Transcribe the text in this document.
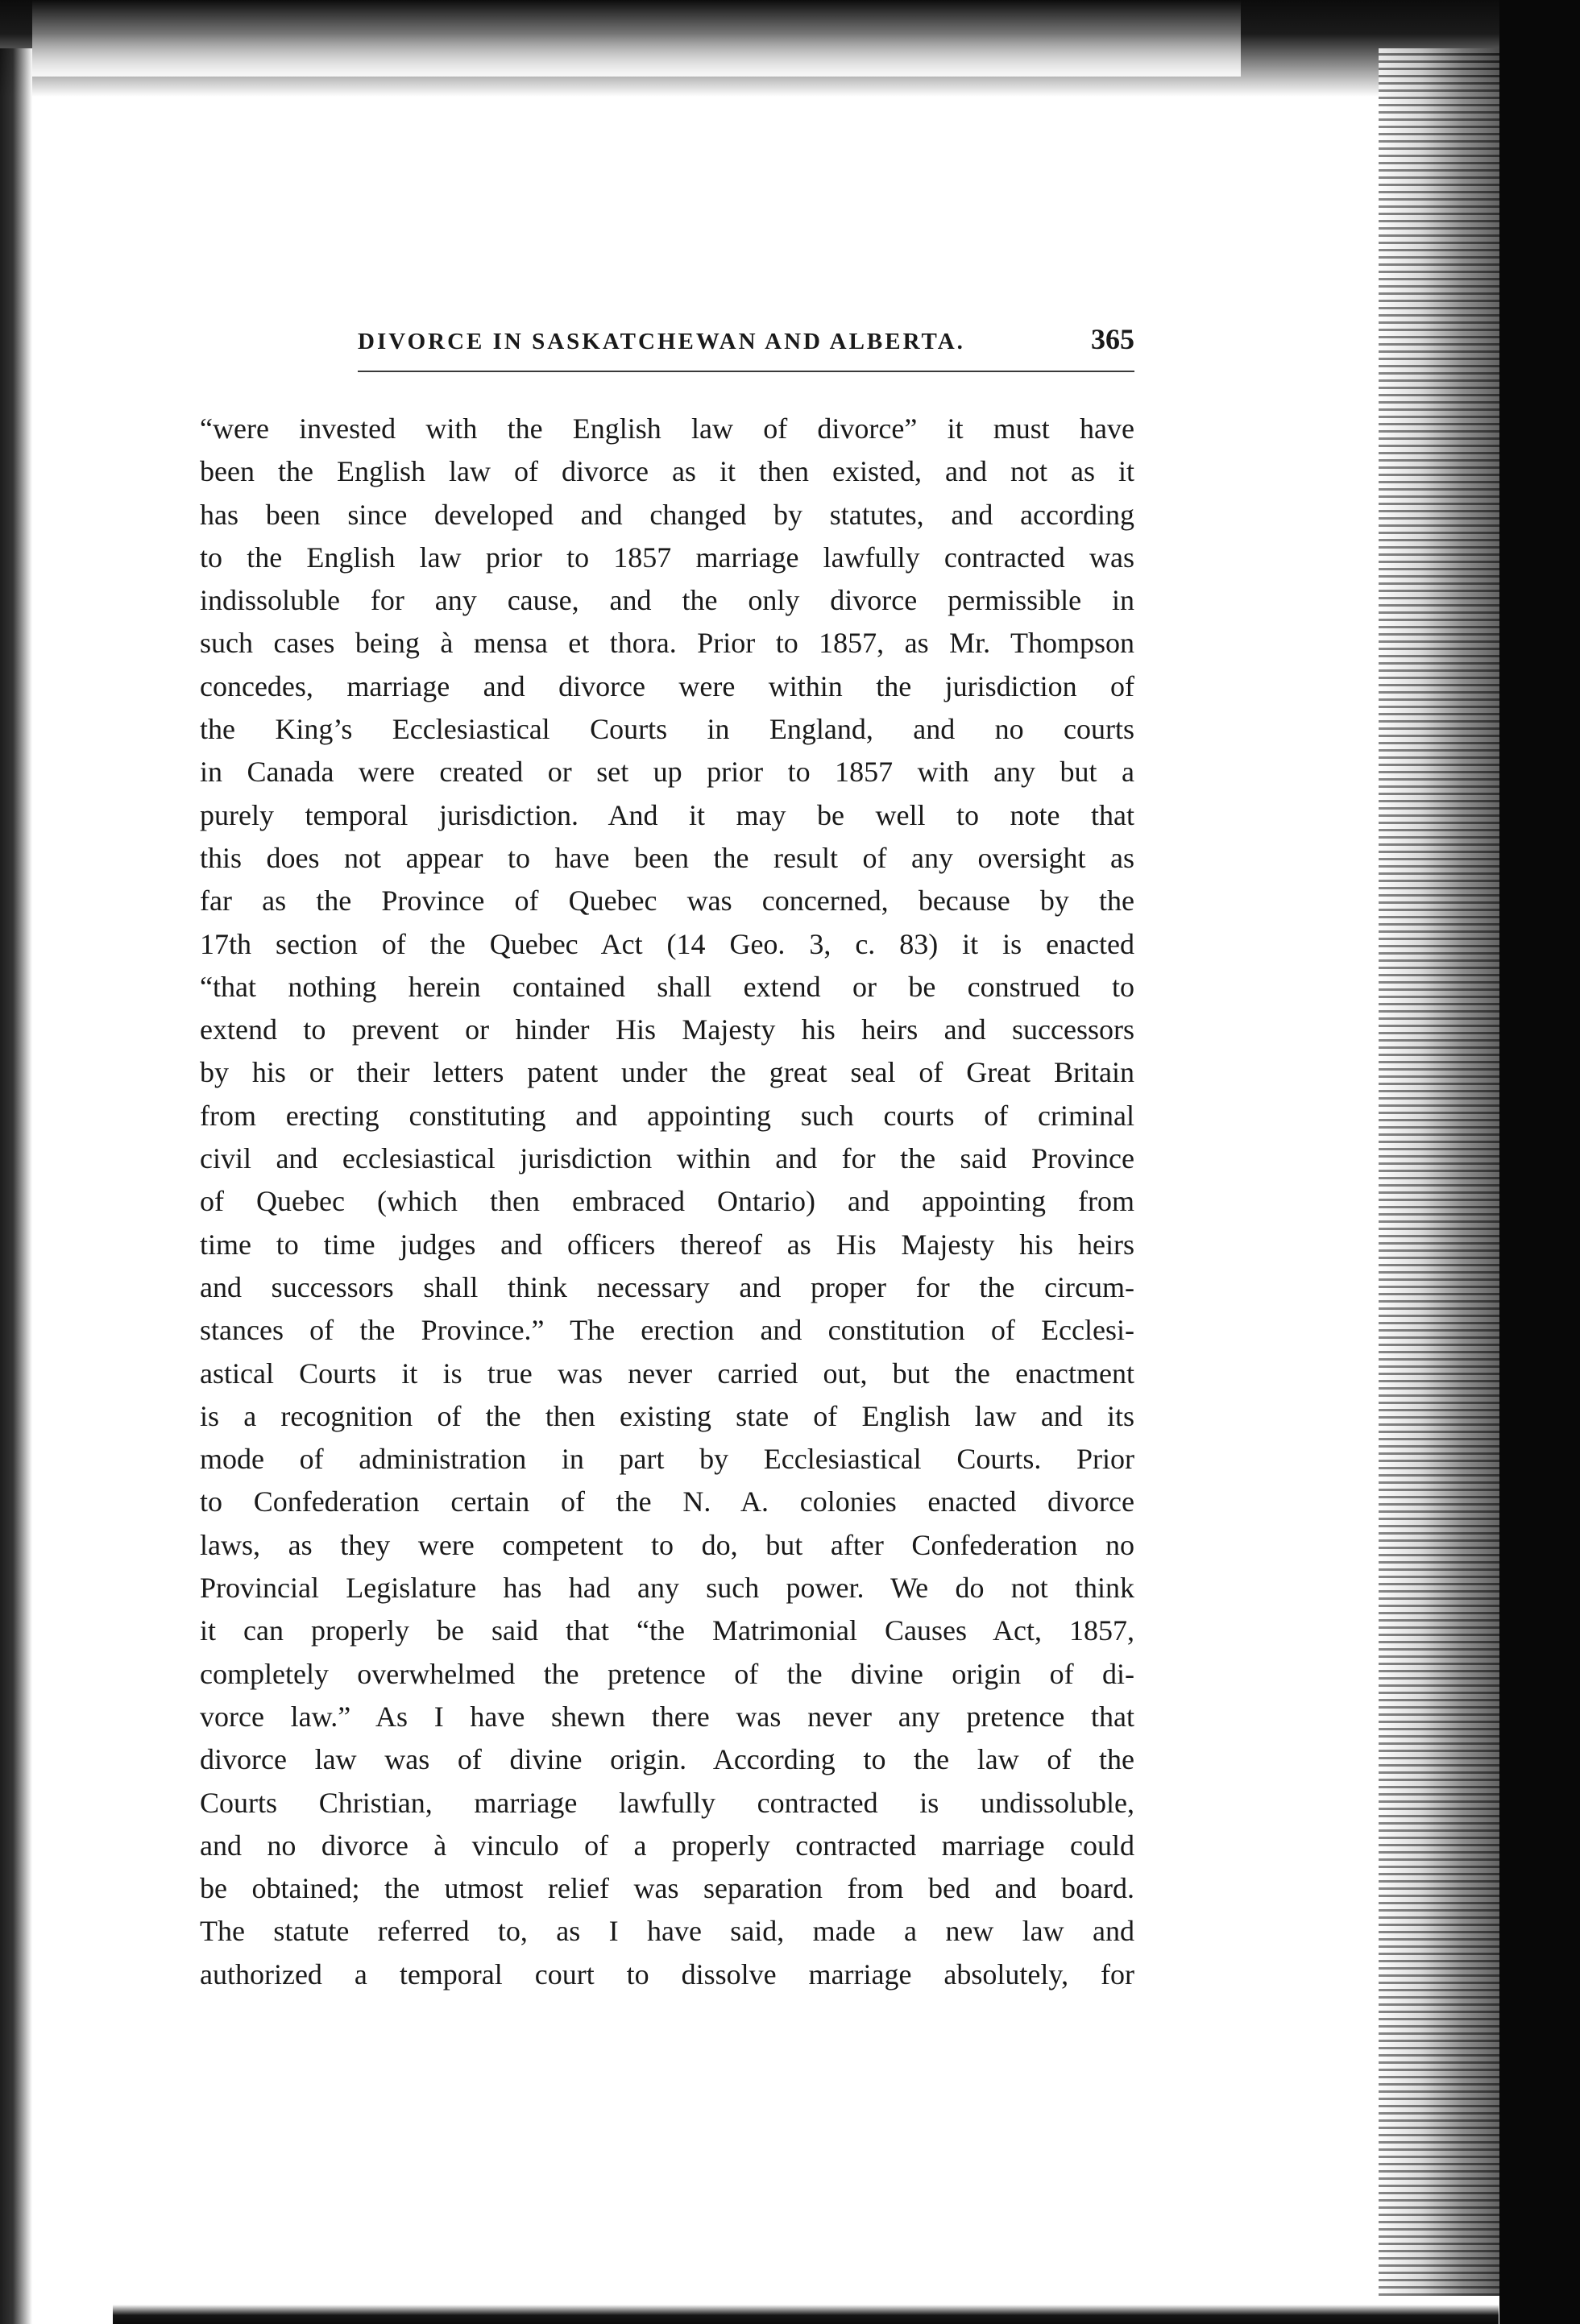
DIVORCE IN SASKATCHEWAN AND ALBERTA.	365
“were invested with the English law of divorce” it must have
been the English law of divorce as it then existed, and not as it
has been since developed and changed by statutes, and according
to the English law prior to 1857 marriage lawfully contracted was
indissoluble for any cause, and the only divorce permissible in
such cases being à mensa et thora. Prior to 1857, as Mr. Thompson
concedes, marriage and divorce were within the jurisdiction of
the King’s Ecclesiastical Courts in England, and no courts
in Canada were created or set up prior to 1857 with any but a
purely temporal jurisdiction. And it may be well to note that
this does not appear to have been the result of any oversight as
far as the Province of Quebec was concerned, because by the
17th section of the Quebec Act (14 Geo. 3, c. 83) it is enacted
“that nothing herein contained shall extend or be construed to
extend to prevent or hinder His Majesty his heirs and successors
by his or their letters patent under the great seal of Great Britain
from erecting constituting and appointing such courts of criminal
civil and ecclesiastical jurisdiction within and for the said Province
of Quebec (which then embraced Ontario) and appointing from
time to time judges and officers thereof as His Majesty his heirs
and successors shall think necessary and proper for the circum-
stances of the Province.” The erection and constitution of Ecclesi-
astical Courts it is true was never carried out, but the enactment
is a recognition of the then existing state of English law and its
mode of administration in part by Ecclesiastical Courts. Prior
to Confederation certain of the N. A. colonies enacted divorce
laws, as they were competent to do, but after Confederation no
Provincial Legislature has had any such power. We do not think
it can properly be said that “the Matrimonial Causes Act, 1857,
completely overwhelmed the pretence of the divine origin of di-
vorce law.” As I have shewn there was never any pretence that
divorce law was of divine origin. According to the law of the
Courts Christian, marriage lawfully contracted is undissoluble,
and no divorce à vinculo of a properly contracted marriage could
be obtained; the utmost relief was separation from bed and board.
The statute referred to, as I have said, made a new law and
authorized a temporal court to dissolve marriage absolutely, for
